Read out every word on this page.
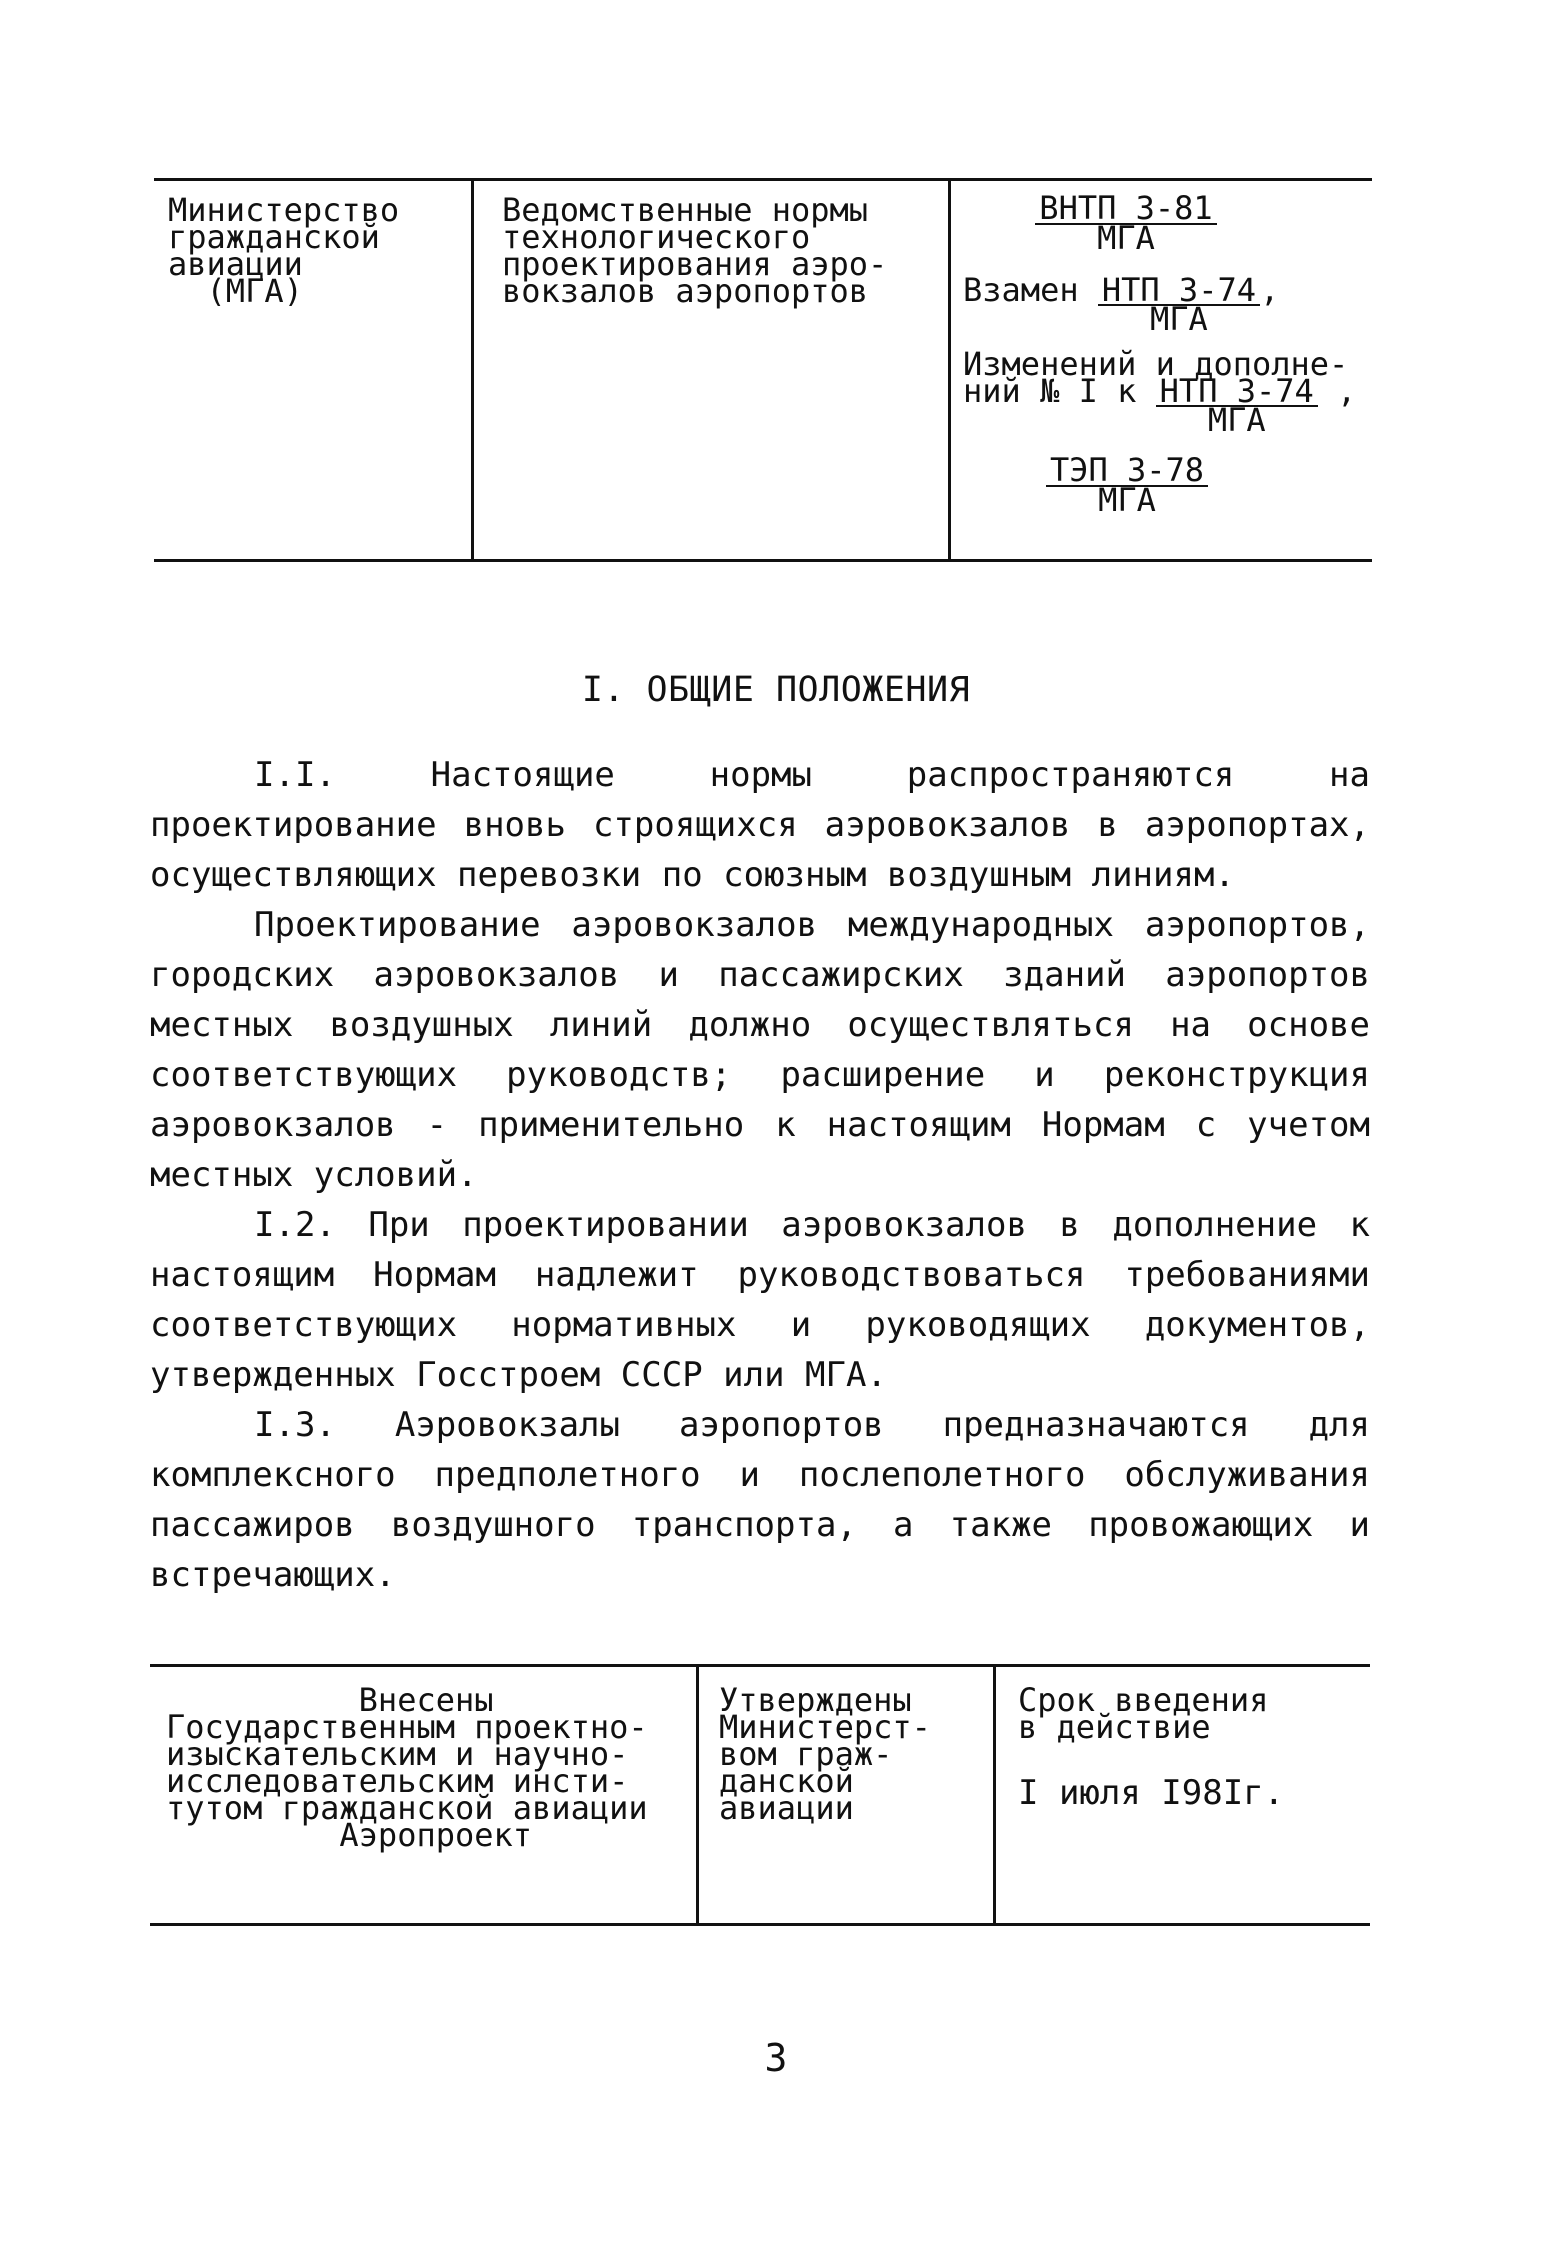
Министерство
гражданской
авиации
(МГА)
Ведомственные нормы
технологического
проектирования аэро-
вокзалов аэропортов
ВНТП 3-81
МГА
Взамен $\frac{\text{НТП 3-74}}{\text{МГА}}$ ,
Изменений и дополне-
ний № I к $\frac{\text{НТП 3-74}}{\text{МГА}}$ ,
ТЭП 3-78
МГА
I. ОБЩИЕ ПОЛОЖЕНИЯ

I.I. Настоящие нормы распространяются на проектирование вновь строящихся аэровокзалов в аэропортах, осуществляющих перевозки по союзным воздушным линиям.

Проектирование аэровокзалов международных аэропортов, городских аэровокзалов и пассажирских зданий аэропортов местных воздушных линий должно осуществляться на основе соответствующих руководств; расширение и реконструкция аэровокзалов - применительно к настоящим Нормам с учетом местных условий.

I.2. При проектировании аэровокзалов в дополнение к настоящим Нормам надлежит руководствоваться требованиями соответствующих нормативных и руководящих документов, утвержденных Госстроем СССР или МГА.

I.3. Аэровокзалы аэропортов предназначаются для комплексного предполетного и послеполетного обслуживания пассажиров воздушного транспорта, а также провожающих и встречающих.

Внесены
Государственным проектно-
изыскательским и научно-
исследовательским инсти-
тутом гражданской авиации
Аэропроект
Утверждены
Министерст-
вом граж-
данской
авиации
Срок введения
в действие
I июля I98Iг.
3
